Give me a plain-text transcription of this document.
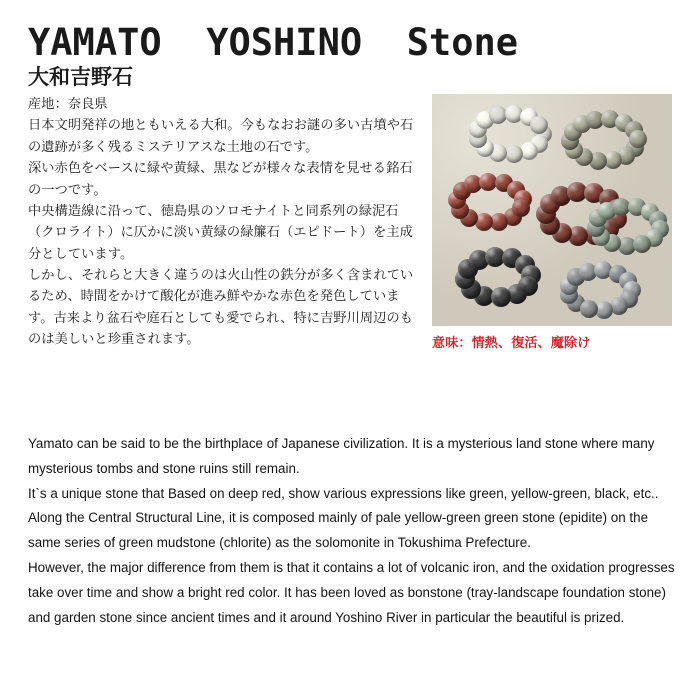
YAMATO  YOSHINO  Stone
大和吉野石

産地：奈良県

日本文明発祥の地ともいえる大和。今もなおお謎の多い古墳や石の遺跡が多く残るミステリアスな土地の石です。

深い赤色をベースに緑や黄緑、黒などが様々な表情を見せる銘石の一つです。

中央構造線に沿って、徳島県のソロモナイトと同系列の緑泥石（クロライト）に仄かに淡い黄緑の緑簾石（エピドート）を主成分としています。

しかし、それらと大きく違うのは火山性の鉄分が多く含まれているため、時間をかけて酸化が進み鮮やかな赤色を発色しています。古来より盆石や庭石としても愛でられ、特に吉野川周辺のものは美しいと珍重されます。	意味：情熱、復活、魔除け

Yamato can be said to be the birthplace of Japanese civilization. It is a mysterious land stone where many mysterious tombs and stone ruins still remain.

It`s a unique stone that Based on deep red, show various expressions like green, yellow-green, black, etc..

Along the Central Structural Line, it is composed mainly of pale yellow-green green stone (epidite) on the same series of green mudstone (chlorite) as the solomonite in Tokushima Prefecture.

However, the major difference from them is that it contains a lot of volcanic iron, and the oxidation progresses take over time and show a bright red color. It has been loved as bonstone (tray-landscape foundation stone) and garden stone since ancient times and it around Yoshino River in particular the beautiful is prized.
